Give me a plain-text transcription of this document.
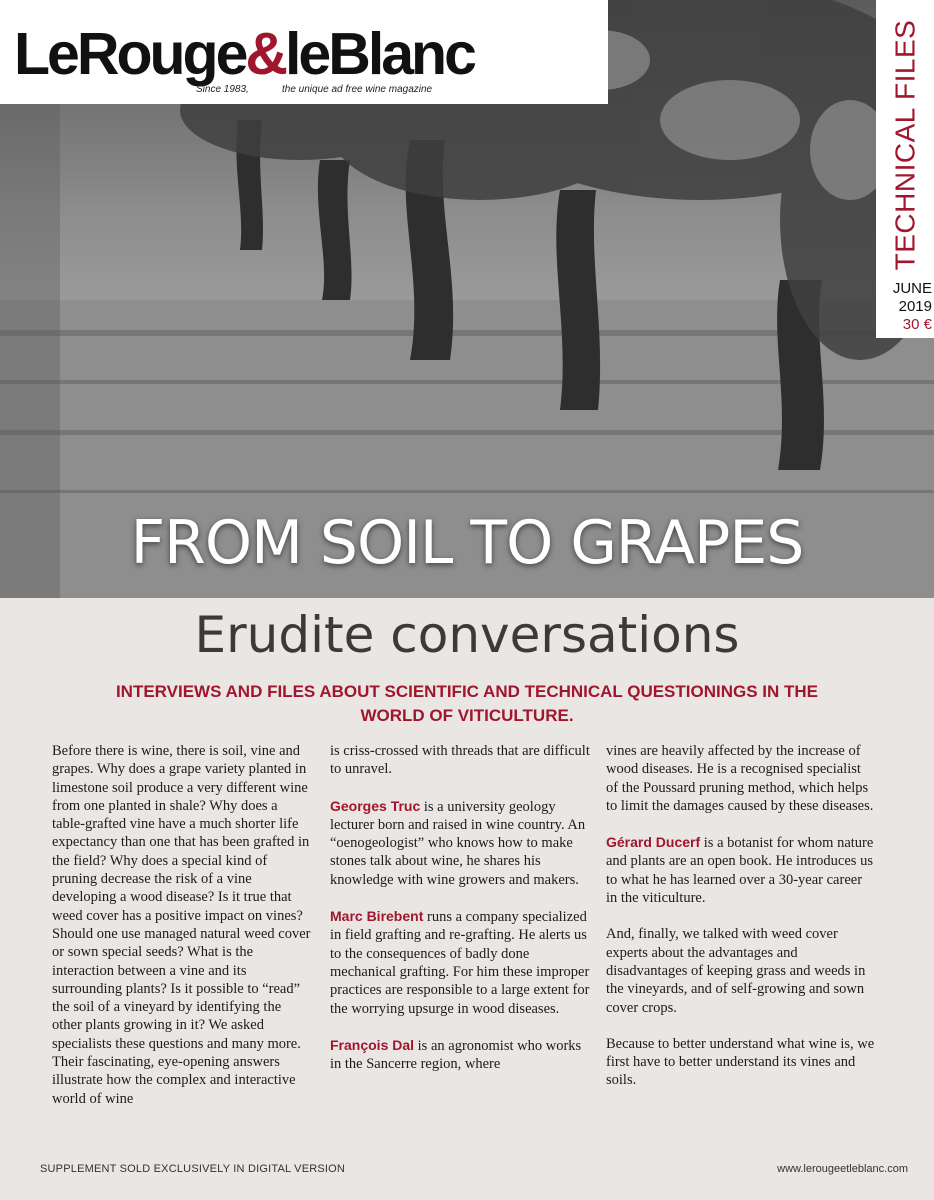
LeRouge&leBlanc
Since 1983,	the unique ad free wine magazine	TECHNICAL FILES
JUNE
2019
30 €
FROM SOIL TO GRAPES
Erudite conversations
INTERVIEWS AND FILES ABOUT SCIENTIFIC AND TECHNICAL QUESTIONINGS IN THE WORLD OF VITICULTURE.

Before there is wine, there is soil, vine and grapes. Why does a grape variety planted in limestone soil produce a very different wine from one planted in shale? Why does a table-grafted vine have a much shorter life expectancy than one that has been grafted in the field? Why does a special kind of pruning decrease the risk of a vine developing a wood disease? Is it true that weed cover has a positive impact on vines? Should one use managed natural weed cover or sown special seeds? What is the interaction between a vine and its surrounding plants? Is it possible to “read” the soil of a vineyard by identifying the other plants growing in it? We asked specialists these questions and many more. Their fascinating, eye-opening answers illustrate how the complex and interactive world of wine

is criss-crossed with threads that are difficult to unravel.

Georges Truc is a university geology lecturer born and raised in wine country. An “oenogeologist” who knows how to make stones talk about wine, he shares his knowledge with wine growers and makers.

Marc Birebent runs a company specialized in field grafting and re-grafting. He alerts us to the consequences of badly done mechanical grafting. For him these improper practices are responsible to a large extent for the worrying upsurge in wood diseases.

François Dal is an agronomist who works in the Sancerre region, where

vines are heavily affected by the increase of wood diseases. He is a recognised specialist of the Poussard pruning method, which helps to limit the damages caused by these diseases.

Gérard Ducerf is a botanist for whom nature and plants are an open book. He introduces us to what he has learned over a 30-year career in the viticulture.

And, finally, we talked with weed cover experts about the advantages and disadvantages of keeping grass and weeds in the vineyards, and of self-growing and sown cover crops.

Because to better understand what wine is, we first have to better understand its vines and soils.

SUPPLEMENT SOLD EXCLUSIVELY IN DIGITAL VERSION	www.lerougeetleblanc.com
